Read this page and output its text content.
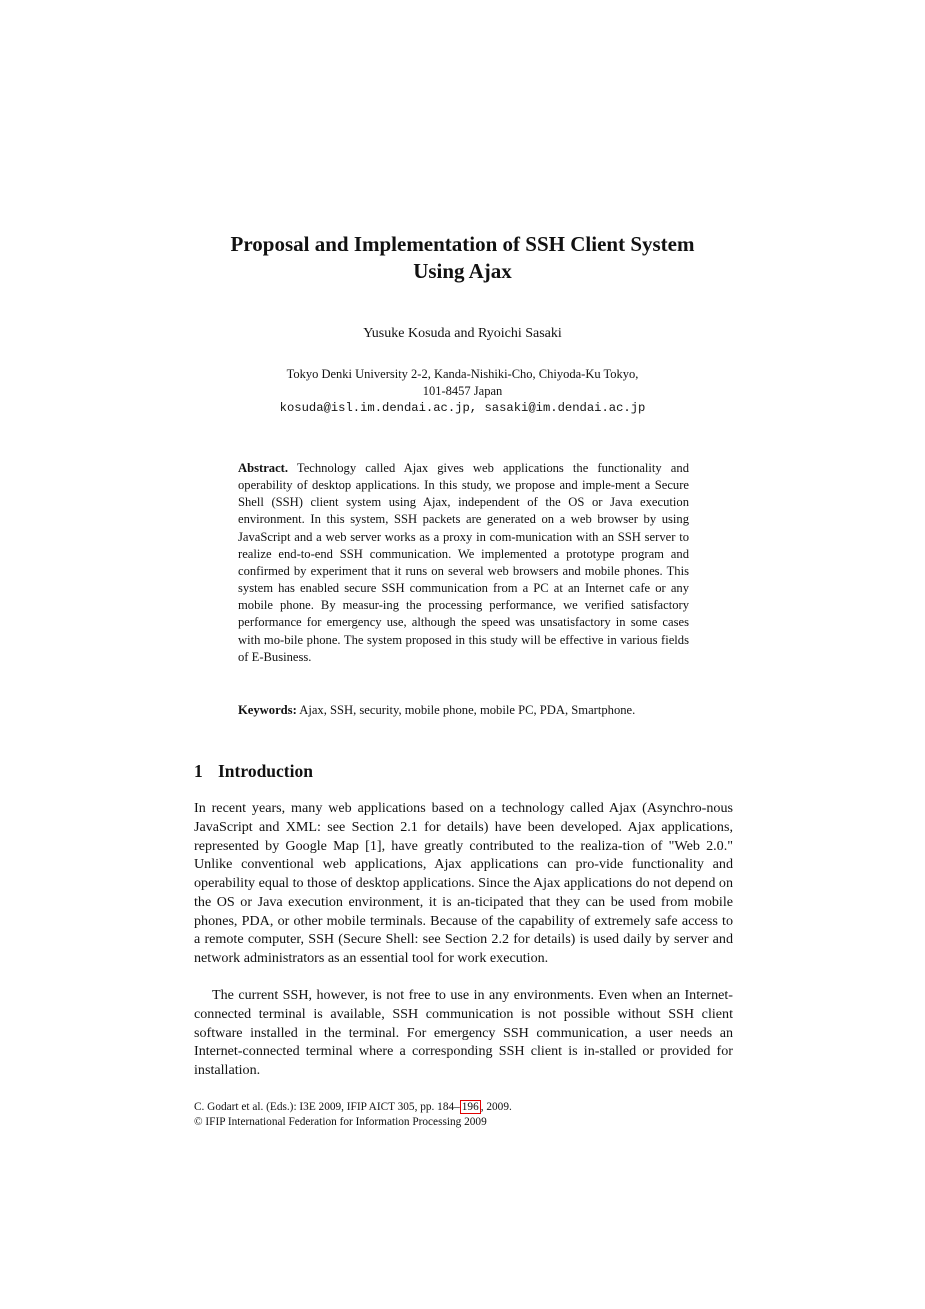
Proposal and Implementation of SSH Client System
Using Ajax
Yusuke Kosuda and Ryoichi Sasaki
Tokyo Denki University 2-2, Kanda-Nishiki-Cho, Chiyoda-Ku Tokyo,
101-8457 Japan
kosuda@isl.im.dendai.ac.jp, sasaki@im.dendai.ac.jp

Abstract. Technology called Ajax gives web applications the functionality and operability of desktop applications. In this study, we propose and imple-ment a Secure Shell (SSH) client system using Ajax, independent of the OS or Java execution environment. In this system, SSH packets are generated on a web browser by using JavaScript and a web server works as a proxy in com-munication with an SSH server to realize end-to-end SSH communication. We implemented a prototype program and confirmed by experiment that it runs on several web browsers and mobile phones. This system has enabled secure SSH communication from a PC at an Internet cafe or any mobile phone. By measur-ing the processing performance, we verified satisfactory performance for emergency use, although the speed was unsatisfactory in some cases with mo-bile phone. The system proposed in this study will be effective in various fields of E-Business.

Keywords: Ajax, SSH, security, mobile phone, mobile PC, PDA, Smartphone.

1 Introduction

In recent years, many web applications based on a technology called Ajax (Asynchro-nous JavaScript and XML: see Section 2.1 for details) have been developed. Ajax applications, represented by Google Map [1], have greatly contributed to the realiza-tion of "Web 2.0." Unlike conventional web applications, Ajax applications can pro-vide functionality and operability equal to those of desktop applications. Since the Ajax applications do not depend on the OS or Java execution environment, it is an-ticipated that they can be used from mobile phones, PDA, or other mobile terminals. Because of the capability of extremely safe access to a remote computer, SSH (Secure Shell: see Section 2.2 for details) is used daily by server and network administrators as an essential tool for work execution.

The current SSH, however, is not free to use in any environments. Even when an Internet-connected terminal is available, SSH communication is not possible without SSH client software installed in the terminal. For emergency SSH communication, a user needs an Internet-connected terminal where a corresponding SSH client is in-stalled or provided for installation.

C. Godart et al. (Eds.): I3E 2009, IFIP AICT 305, pp. 184– 196 , 2009.
© IFIP International Federation for Information Processing 2009
